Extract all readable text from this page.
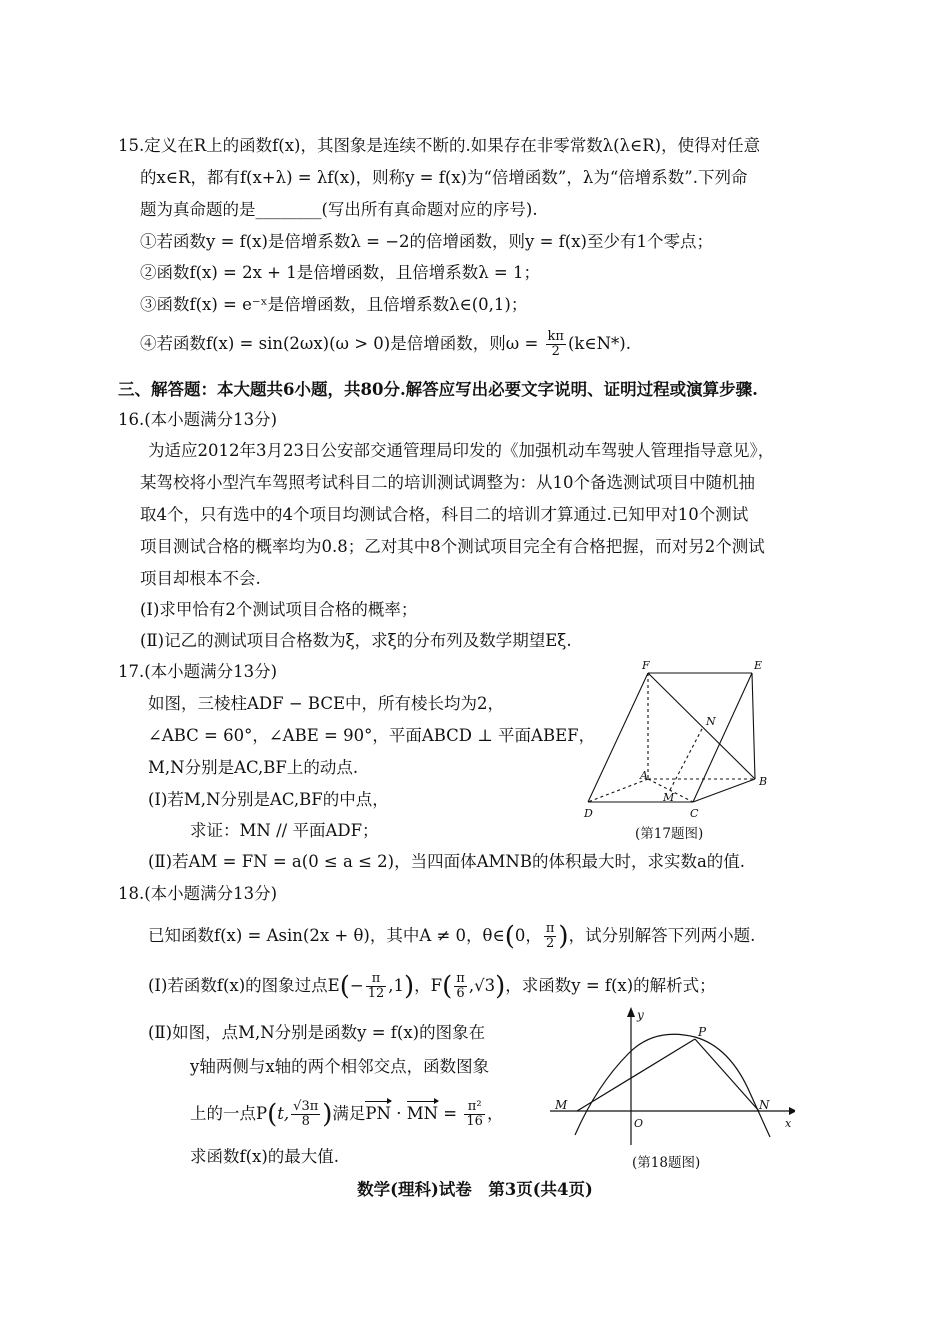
15.定义在R上的函数f(x)，其图象是连续不断的.如果存在非零常数λ(λ∈R)，使得对任意
的x∈R，都有f(x+λ) = λf(x)，则称y = f(x)为“倍增函数”，λ为“倍增系数”.下列命
题为真命题的是________(写出所有真命题对应的序号).
①若函数y = f(x)是倍增系数λ = −2的倍增函数，则y = f(x)至少有1个零点；
②函数f(x) = 2x + 1是倍增函数，且倍增系数λ = 1；
③函数f(x) = e⁻ˣ是倍增函数，且倍增系数λ∈(0,1)；
④若函数f(x) = sin(2ωx)(ω > 0)是倍增函数，则$\omega = \frac{k\pi}{2}$ (k∈N*).
三、解答题：本大题共6小题，共80分.解答应写出必要文字说明、证明过程或演算步骤.
16.(本小题满分13分)
为适应2012年3月23日公安部交通管理局印发的《加强机动车驾驶人管理指导意见》，
某驾校将小型汽车驾照考试科目二的培训测试调整为：从10个备选测试项目中随机抽
取4个，只有选中的4个项目均测试合格，科目二的培训才算通过.已知甲对10个测试
项目测试合格的概率均为0.8；乙对其中8个测试项目完全有合格把握，而对另2个测试
项目却根本不会.
(Ⅰ)求甲恰有2个测试项目合格的概率；
(Ⅱ)记乙的测试项目合格数为ξ，求ξ的分布列及数学期望Eξ.
17.(本小题满分13分)
如图，三棱柱ADF − BCE中，所有棱长均为2，
∠ABC = 60°，∠ABE = 90°，平面ABCD ⊥ 平面ABEF，
M,N分别是AC,BF上的动点.
(Ⅰ)若M,N分别是AC,BF的中点，
求证：MN // 平面ADF；
(Ⅱ)若AM = FN = a(0 ≤ a ≤ 2)，当四面体AMNB的体积最大时，求实数a的值.
F	E
N
A	B
M
D	C
(第17题图)
18.(本小题满分13分)
已知函数f(x) = Asin(2x + θ)，其中A ≠ 0，θ∈(0， $\frac{\pi}{2}$ )，试分别解答下列两小题.
(Ⅰ)若函数f(x)的图象过点$E(- \frac{\pi}{12} ,1)$，$F( \frac{\pi}{6} ,√3)$，求函数y = f(x)的解析式；
(Ⅱ)如图，点M,N分别是函数y = f(x)的图象在
y轴两侧与x轴的两个相邻交点，函数图象
上的一点P(t, $\frac{√3\pi}{8}$ )满足PN · MN = $\frac{\text{π²}}{16}$ ，
求函数f(x)的最大值.
y
P
M	N
O	x
(第18题图)
数学(理科)试卷　第3页(共4页)
